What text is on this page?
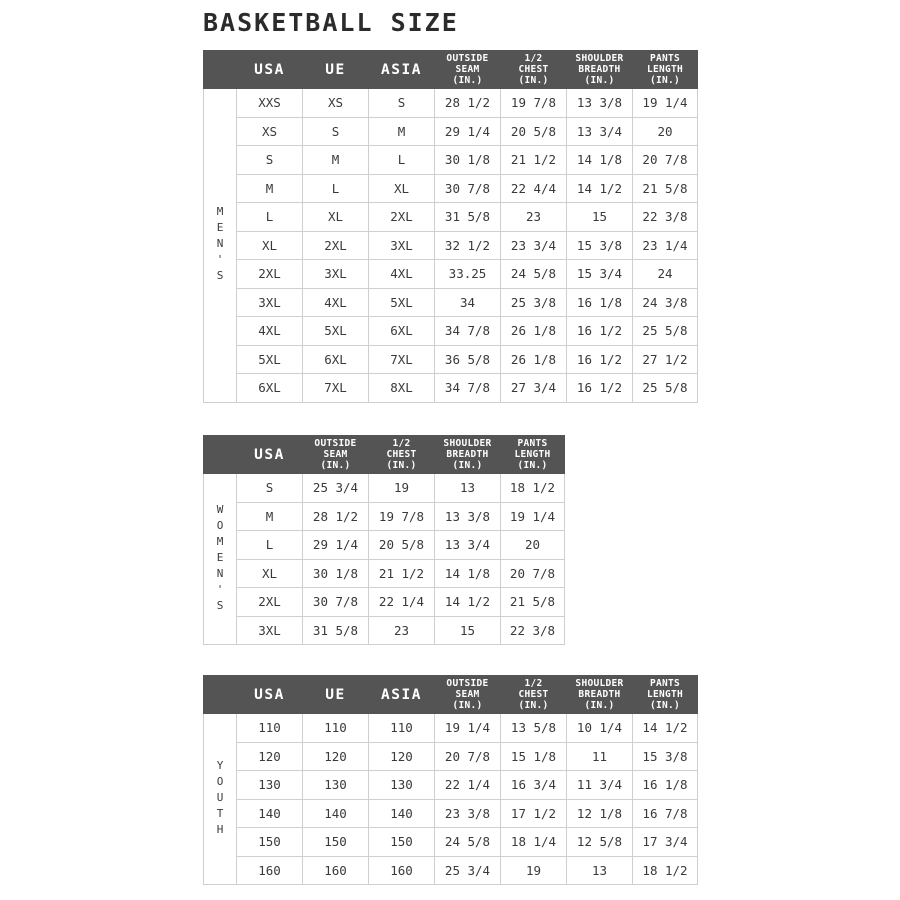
BASKETBALL SIZE

	USA	UE	ASIA	OUTSIDE
SEAM
(IN.)	1/2
CHEST
(IN.)	SHOULDER
BREADTH
(IN.)	PANTS
LENGTH
(IN.)

MEN'S	XXS	XS	S	28 1/2	19 7/8	13 3/8	19 1/4
	XS	S	M	29 1/4	20 5/8	13 3/4	20
	S	M	L	30 1/8	21 1/2	14 1/8	20 7/8
	M	L	XL	30 7/8	22 4/4	14 1/2	21 5/8
	L	XL	2XL	31 5/8	23	15	22 3/8
	XL	2XL	3XL	32 1/2	23 3/4	15 3/8	23 1/4
	2XL	3XL	4XL	33.25	24 5/8	15 3/4	24
	3XL	4XL	5XL	34	25 3/8	16 1/8	24 3/8
	4XL	5XL	6XL	34 7/8	26 1/8	16 1/2	25 5/8
	5XL	6XL	7XL	36 5/8	26 1/8	16 1/2	27 1/2
	6XL	7XL	8XL	34 7/8	27 3/4	16 1/2	25 5/8

	USA	OUTSIDE
SEAM
(IN.)	1/2
CHEST
(IN.)	SHOULDER
BREADTH
(IN.)	PANTS
LENGTH
(IN.)

WOMEN'S	S	25 3/4	19	13	18 1/2
	M	28 1/2	19 7/8	13 3/8	19 1/4
	L	29 1/4	20 5/8	13 3/4	20
	XL	30 1/8	21 1/2	14 1/8	20 7/8
	2XL	30 7/8	22 1/4	14 1/2	21 5/8
	3XL	31 5/8	23	15	22 3/8

	USA	UE	ASIA	OUTSIDE
SEAM
(IN.)	1/2
CHEST
(IN.)	SHOULDER
BREADTH
(IN.)	PANTS
LENGTH
(IN.)

YOUTH	110	110	110	19 1/4	13 5/8	10 1/4	14 1/2
	120	120	120	20 7/8	15 1/8	11	15 3/8
	130	130	130	22 1/4	16 3/4	11 3/4	16 1/8
	140	140	140	23 3/8	17 1/2	12 1/8	16 7/8
	150	150	150	24 5/8	18 1/4	12 5/8	17 3/4
	160	160	160	25 3/4	19	13	18 1/2
